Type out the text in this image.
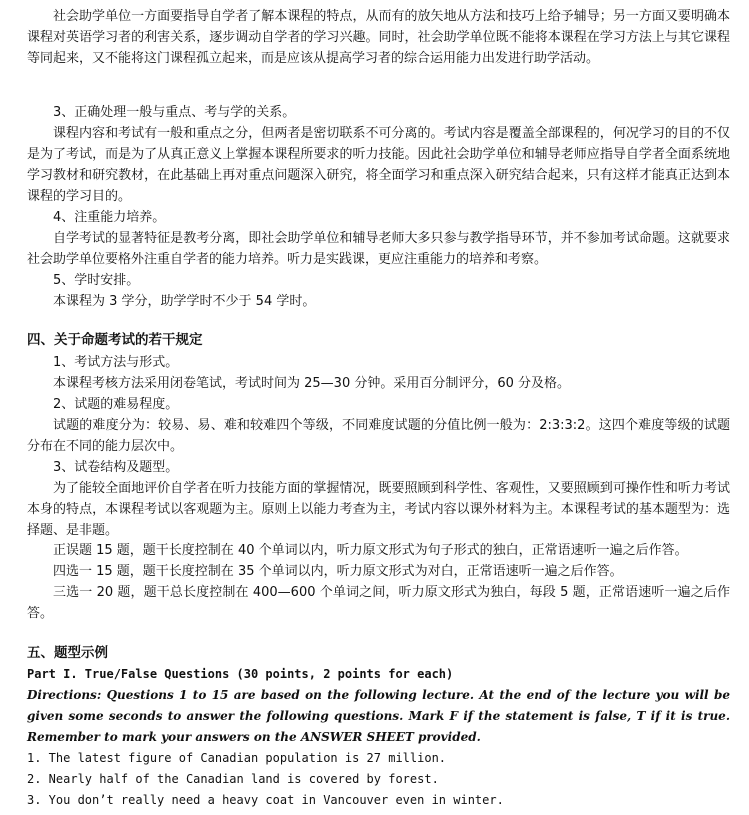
社会助学单位一方面要指导自学者了解本课程的特点，从而有的放矢地从方法和技巧上给予辅导；另一方面又要明确本课程对英语学习者的利害关系，逐步调动自学者的学习兴趣。同时，社会助学单位既不能将本课程在学习方法上与其它课程等同起来，又不能将这门课程孤立起来，而是应该从提高学习者的综合运用能力出发进行助学活动。
3、正确处理一般与重点、考与学的关系。
课程内容和考试有一般和重点之分，但两者是密切联系不可分离的。考试内容是覆盖全部课程的，何况学习的目的不仅是为了考试，而是为了从真正意义上掌握本课程所要求的听力技能。因此社会助学单位和辅导老师应指导自学者全面系统地学习教材和研究教材，在此基础上再对重点问题深入研究，将全面学习和重点深入研究结合起来，只有这样才能真正达到本课程的学习目的。
4、注重能力培养。
自学考试的显著特征是教考分离，即社会助学单位和辅导老师大多只参与教学指导环节，并不参加考试命题。这就要求社会助学单位要格外注重自学者的能力培养。听力是实践课，更应注重能力的培养和考察。
5、学时安排。
本课程为 3 学分，助学学时不少于 54 学时。
四、关于命题考试的若干规定
1、考试方法与形式。
本课程考核方法采用闭卷笔试，考试时间为 25—30 分钟。采用百分制评分，60 分及格。
2、试题的难易程度。
试题的难度分为：较易、易、难和较难四个等级，不同难度试题的分值比例一般为：2:3:3:2。这四个难度等级的试题分布在不同的能力层次中。
3、试卷结构及题型。
为了能较全面地评价自学者在听力技能方面的掌握情况，既要照顾到科学性、客观性，又要照顾到可操作性和听力考试本身的特点，本课程考试以客观题为主。原则上以能力考查为主，考试内容以课外材料为主。本课程考试的基本题型为：选择题、是非题。
正误题 15 题，题干长度控制在 40 个单词以内，听力原文形式为句子形式的独白，正常语速听一遍之后作答。
四选一 15 题，题干长度控制在 35 个单词以内，听力原文形式为对白，正常语速听一遍之后作答。
三选一 20 题，题干总长度控制在 400—600 个单词之间，听力原文形式为独白，每段 5 题，正常语速听一遍之后作答。
五、题型示例
Part I. True/False Questions (30 points, 2 points for each)
Directions: Questions 1 to 15 are based on the following lecture. At the end of the lecture you will be given some seconds to answer the following questions. Mark F if the statement is false, T if it is true. Remember to mark your answers on the ANSWER SHEET provided.
1. The latest figure of Canadian population is 27 million.
2. Nearly half of the Canadian land is covered by forest.
3. You don’t really need a heavy coat in Vancouver even in winter.
